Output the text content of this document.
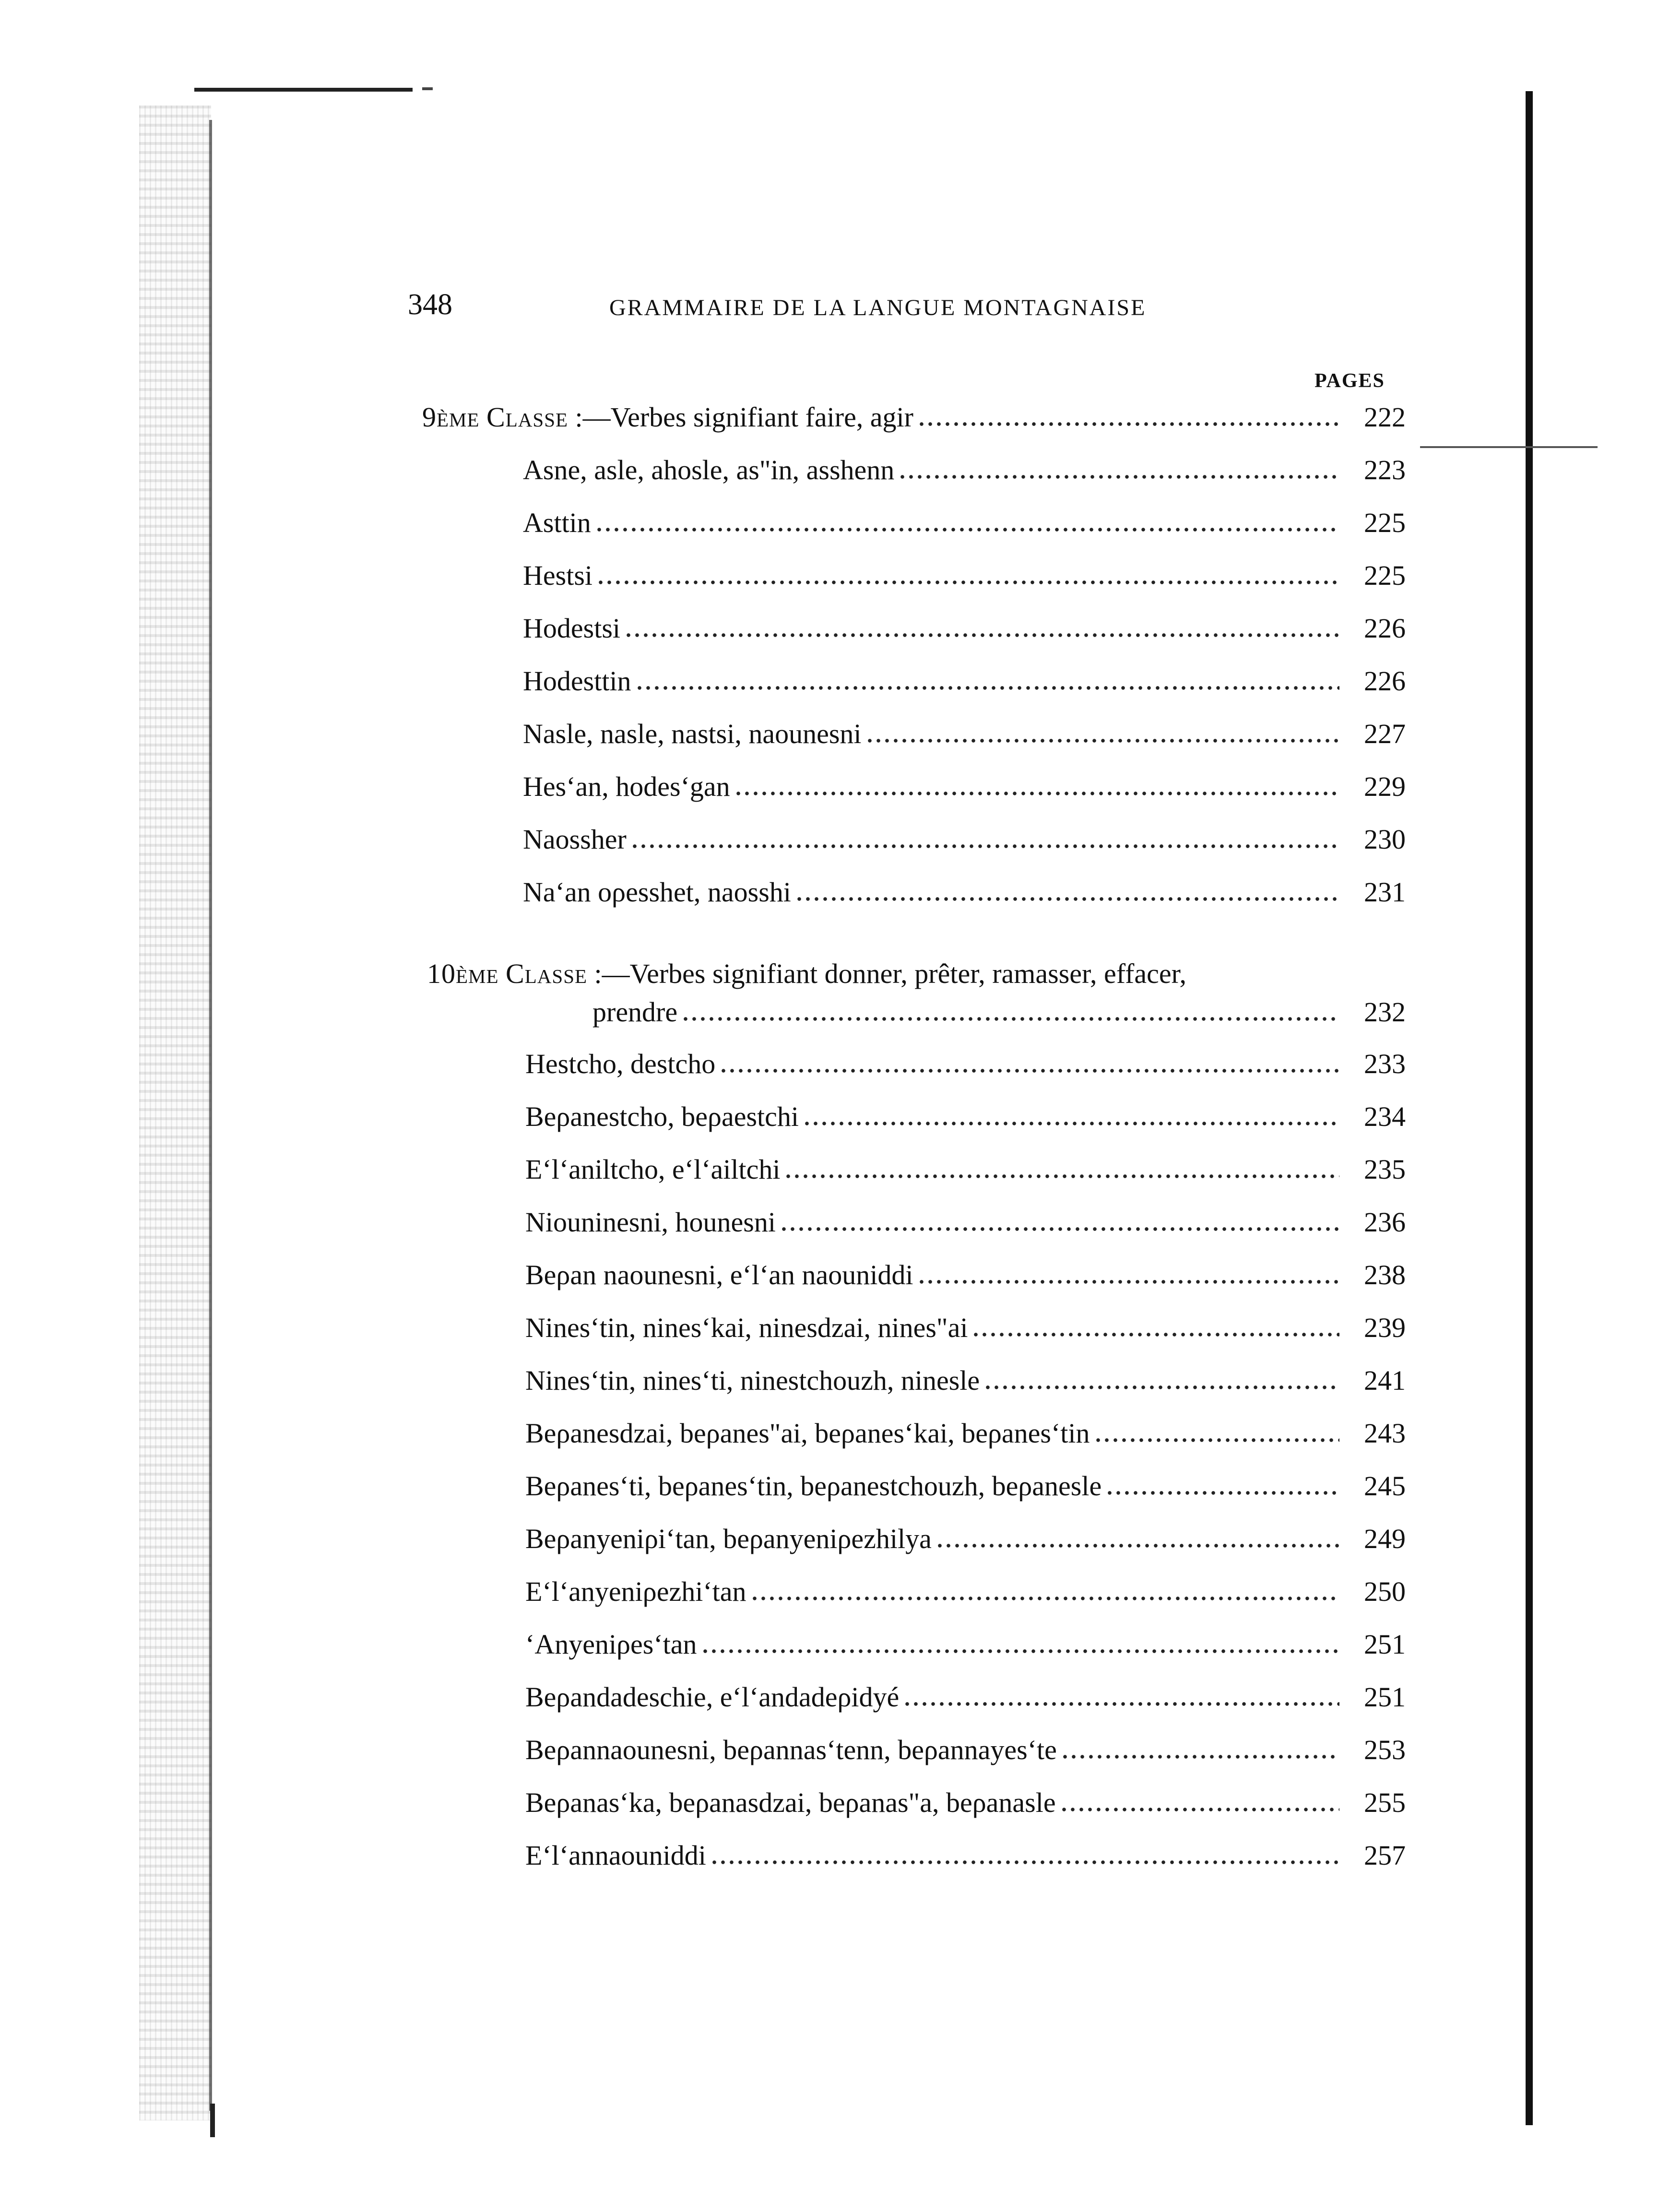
348	GRAMMAIRE DE LA LANGUE MONTAGNAISE
PAGES
9ème Classe :—Verbes signifiant faire, agir	222
Asne, asle, ahosle, as"in, asshenn	223
Asttin	225
Hestsi	225
Hodestsi	226
Hodesttin	226
Nasle, nasle, nastsi, naounesni	227
Hes‘an, hodes‘gan	229
Naossher	230
Na‘an oρesshet, naosshi	231
10ème Classe :—Verbes signifiant donner, prêter, ramasser, effacer,
prendre	232
Hestcho, destcho	233
Beρanestcho, beρaestchi	234
E‘l‘aniltcho, e‘l‘ailtchi	235
Niouninesni, hounesni	236
Beρan naounesni, e‘l‘an naouniddi	238
Nines‘tin, nines‘kai, ninesdzai, nines"ai	239
Nines‘tin, nines‘ti, ninestchouzh, ninesle	241
Beρanesdzai, beρanes"ai, beρanes‘kai, beρanes‘tin	243
Beρanes‘ti, beρanes‘tin, beρanestchouzh, beρanesle	245
Beρanyeniρi‘tan, beρanyeniρezhilya	249
E‘l‘anyeniρezhi‘tan	250
‘Anyeniρes‘tan	251
Beρandadeschie, e‘l‘andadeρidyé	251
Beρannaounesni, beρannas‘tenn, beρannayes‘te	253
Beρanas‘ka, beρanasdzai, beρanas"a, beρanasle	255
E‘l‘annaouniddi	257
